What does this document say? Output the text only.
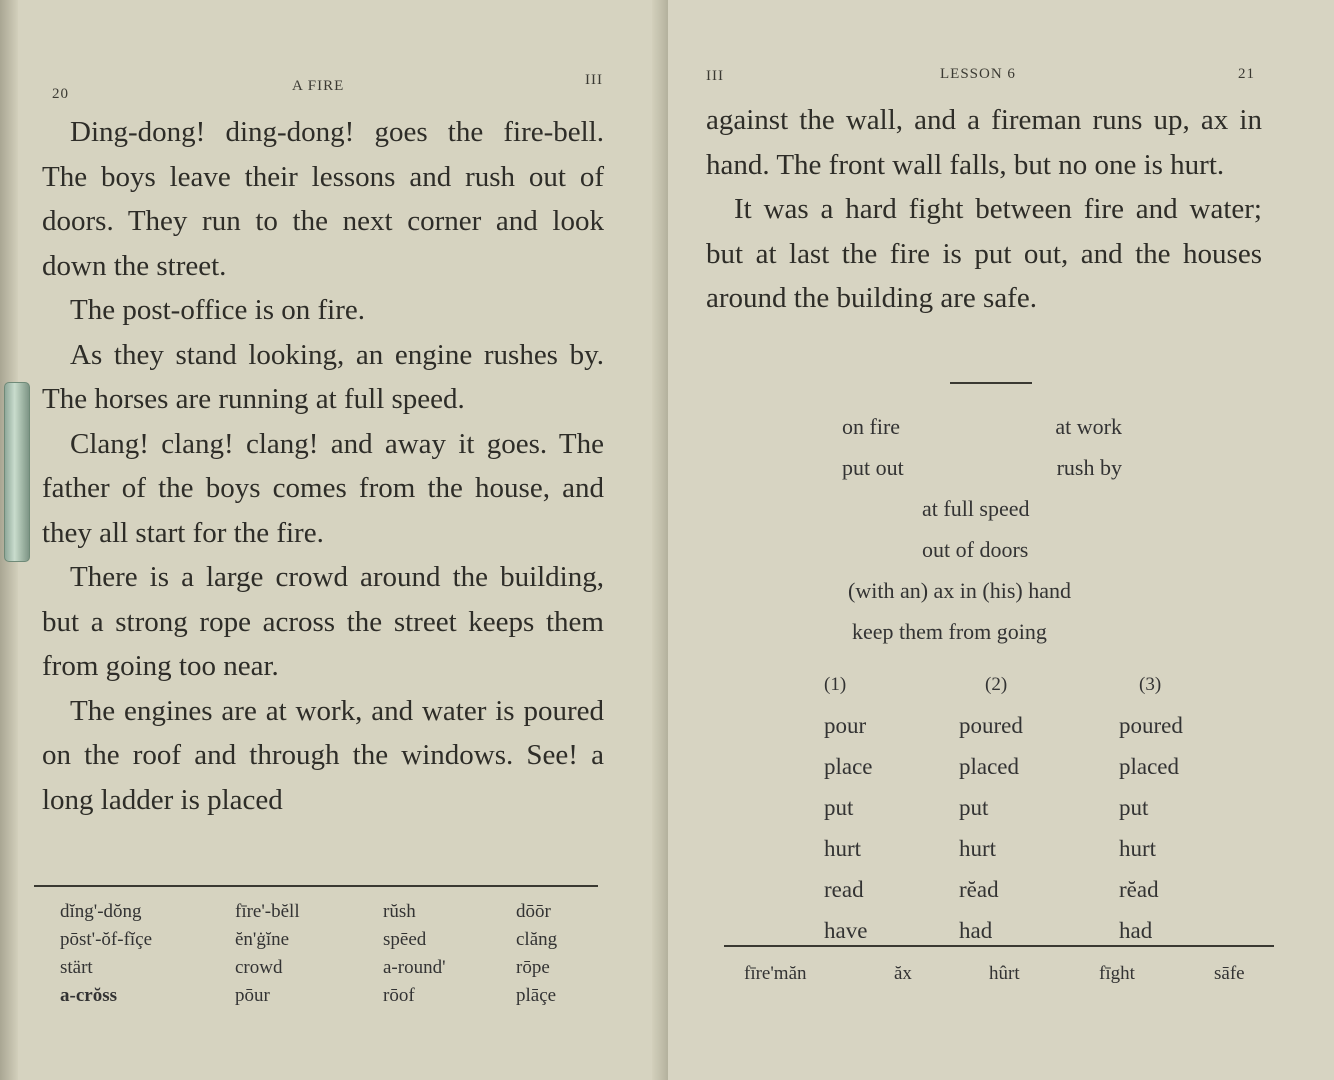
20	A FIRE	III

Ding-dong! ding-dong! goes the fire-bell. The boys leave their lessons and rush out of doors. They run to the next corner and look down the street.

The post-office is on fire.

As they stand looking, an engine rushes by. The horses are running at full speed.

Clang! clang! clang! and away it goes. The father of the boys comes from the house, and they all start for the fire.

There is a large crowd around the building, but a strong rope across the street keeps them from going too near.

The engines are at work, and water is poured on the roof and through the windows. See! a long ladder is placed

dĭng'-dŏng	fīre'-bĕll	rŭsh	dōōr
pōst'-ŏf-fĭçe	ĕn'ġĭne	spēed	clăng
stärt	crowd	a-round'	rōpe
a-crŏss	pōur	rōof	plāçe
III	LESSON 6	21

against the wall, and a fireman runs up, ax in hand. The front wall falls, but no one is hurt.

It was a hard fight between fire and water; but at last the fire is put out, and the houses around the building are safe.

on fire	at work
put out	rush by
at full speed
out of doors
(with an) ax in (his) hand
keep them from going
(1)	(2)	(3)
pour	poured	poured
place	placed	placed
put	put	put
hurt	hurt	hurt
read	rĕad	rĕad
have	had	had
fīre'măn	ăx	hûrt	fīght	sāfe
